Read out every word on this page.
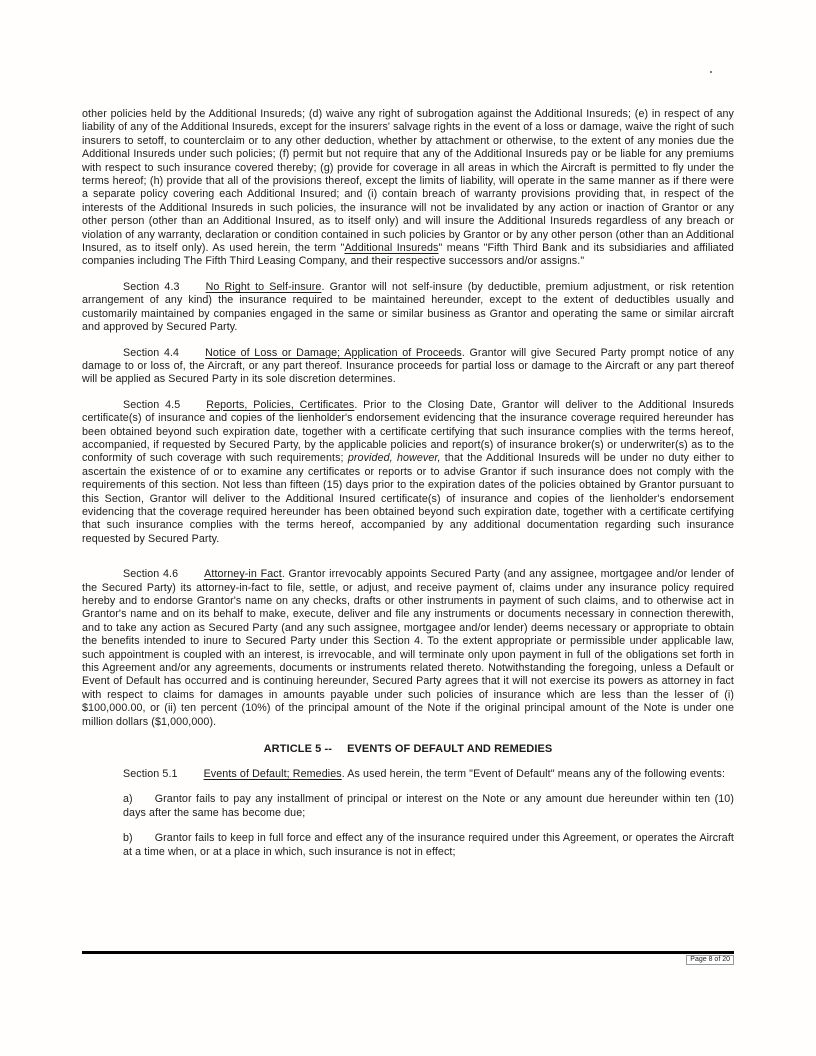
other policies held by the Additional Insureds; (d) waive any right of subrogation against the Additional Insureds; (e) in respect of any liability of any of the Additional Insureds, except for the insurers' salvage rights in the event of a loss or damage, waive the right of such insurers to setoff, to counterclaim or to any other deduction, whether by attachment or otherwise, to the extent of any monies due the Additional Insureds under such policies; (f) permit but not require that any of the Additional Insureds pay or be liable for any premiums with respect to such insurance covered thereby; (g) provide for coverage in all areas in which the Aircraft is permitted to fly under the terms hereof; (h) provide that all of the provisions thereof, except the limits of liability, will operate in the same manner as if there were a separate policy covering each Additional Insured; and (i) contain breach of warranty provisions providing that, in respect of the interests of the Additional Insureds in such policies, the insurance will not be invalidated by any action or inaction of Grantor or any other person (other than an Additional Insured, as to itself only) and will insure the Additional Insureds regardless of any breach or violation of any warranty, declaration or condition contained in such policies by Grantor or by any other person (other than an Additional Insured, as to itself only). As used herein, the term "Additional Insureds" means "Fifth Third Bank and its subsidiaries and affiliated companies including The Fifth Third Leasing Company, and their respective successors and/or assigns."

Section 4.3 No Right to Self-insure. Grantor will not self-insure (by deductible, premium adjustment, or risk retention arrangement of any kind) the insurance required to be maintained hereunder, except to the extent of deductibles usually and customarily maintained by companies engaged in the same or similar business as Grantor and operating the same or similar aircraft and approved by Secured Party.

Section 4.4 Notice of Loss or Damage; Application of Proceeds. Grantor will give Secured Party prompt notice of any damage to or loss of, the Aircraft, or any part thereof. Insurance proceeds for partial loss or damage to the Aircraft or any part thereof will be applied as Secured Party in its sole discretion determines.

Section 4.5 Reports, Policies, Certificates. Prior to the Closing Date, Grantor will deliver to the Additional Insureds certificate(s) of insurance and copies of the lienholder's endorsement evidencing that the insurance coverage required hereunder has been obtained beyond such expiration date, together with a certificate certifying that such insurance complies with the terms hereof, accompanied, if requested by Secured Party, by the applicable policies and report(s) of insurance broker(s) or underwriter(s) as to the conformity of such coverage with such requirements; provided, however, that the Additional Insureds will be under no duty either to ascertain the existence of or to examine any certificates or reports or to advise Grantor if such insurance does not comply with the requirements of this section. Not less than fifteen (15) days prior to the expiration dates of the policies obtained by Grantor pursuant to this Section, Grantor will deliver to the Additional Insured certificate(s) of insurance and copies of the lienholder's endorsement evidencing that the coverage required hereunder has been obtained beyond such expiration date, together with a certificate certifying that such insurance complies with the terms hereof, accompanied by any additional documentation regarding such insurance requested by Secured Party.

Section 4.6 Attorney-in Fact. Grantor irrevocably appoints Secured Party (and any assignee, mortgagee and/or lender of the Secured Party) its attorney-in-fact to file, settle, or adjust, and receive payment of, claims under any insurance policy required hereby and to endorse Grantor's name on any checks, drafts or other instruments in payment of such claims, and to otherwise act in Grantor's name and on its behalf to make, execute, deliver and file any instruments or documents necessary in connection therewith, and to take any action as Secured Party (and any such assignee, mortgagee and/or lender) deems necessary or appropriate to obtain the benefits intended to inure to Secured Party under this Section 4. To the extent appropriate or permissible under applicable law, such appointment is coupled with an interest, is irrevocable, and will terminate only upon payment in full of the obligations set forth in this Agreement and/or any agreements, documents or instruments related thereto. Notwithstanding the foregoing, unless a Default or Event of Default has occurred and is continuing hereunder, Secured Party agrees that it will not exercise its powers as attorney in fact with respect to claims for damages in amounts payable under such policies of insurance which are less than the lesser of (i) $100,000.00, or (ii) ten percent (10%) of the principal amount of the Note if the original principal amount of the Note is under one million dollars ($1,000,000).

ARTICLE 5 -- EVENTS OF DEFAULT AND REMEDIES

Section 5.1 Events of Default; Remedies. As used herein, the term "Event of Default" means any of the following events:

a) Grantor fails to pay any installment of principal or interest on the Note or any amount due hereunder within ten (10) days after the same has become due;
b) Grantor fails to keep in full force and effect any of the insurance required under this Agreement, or operates the Aircraft at a time when, or at a place in which, such insurance is not in effect;
Page 8 of 20
